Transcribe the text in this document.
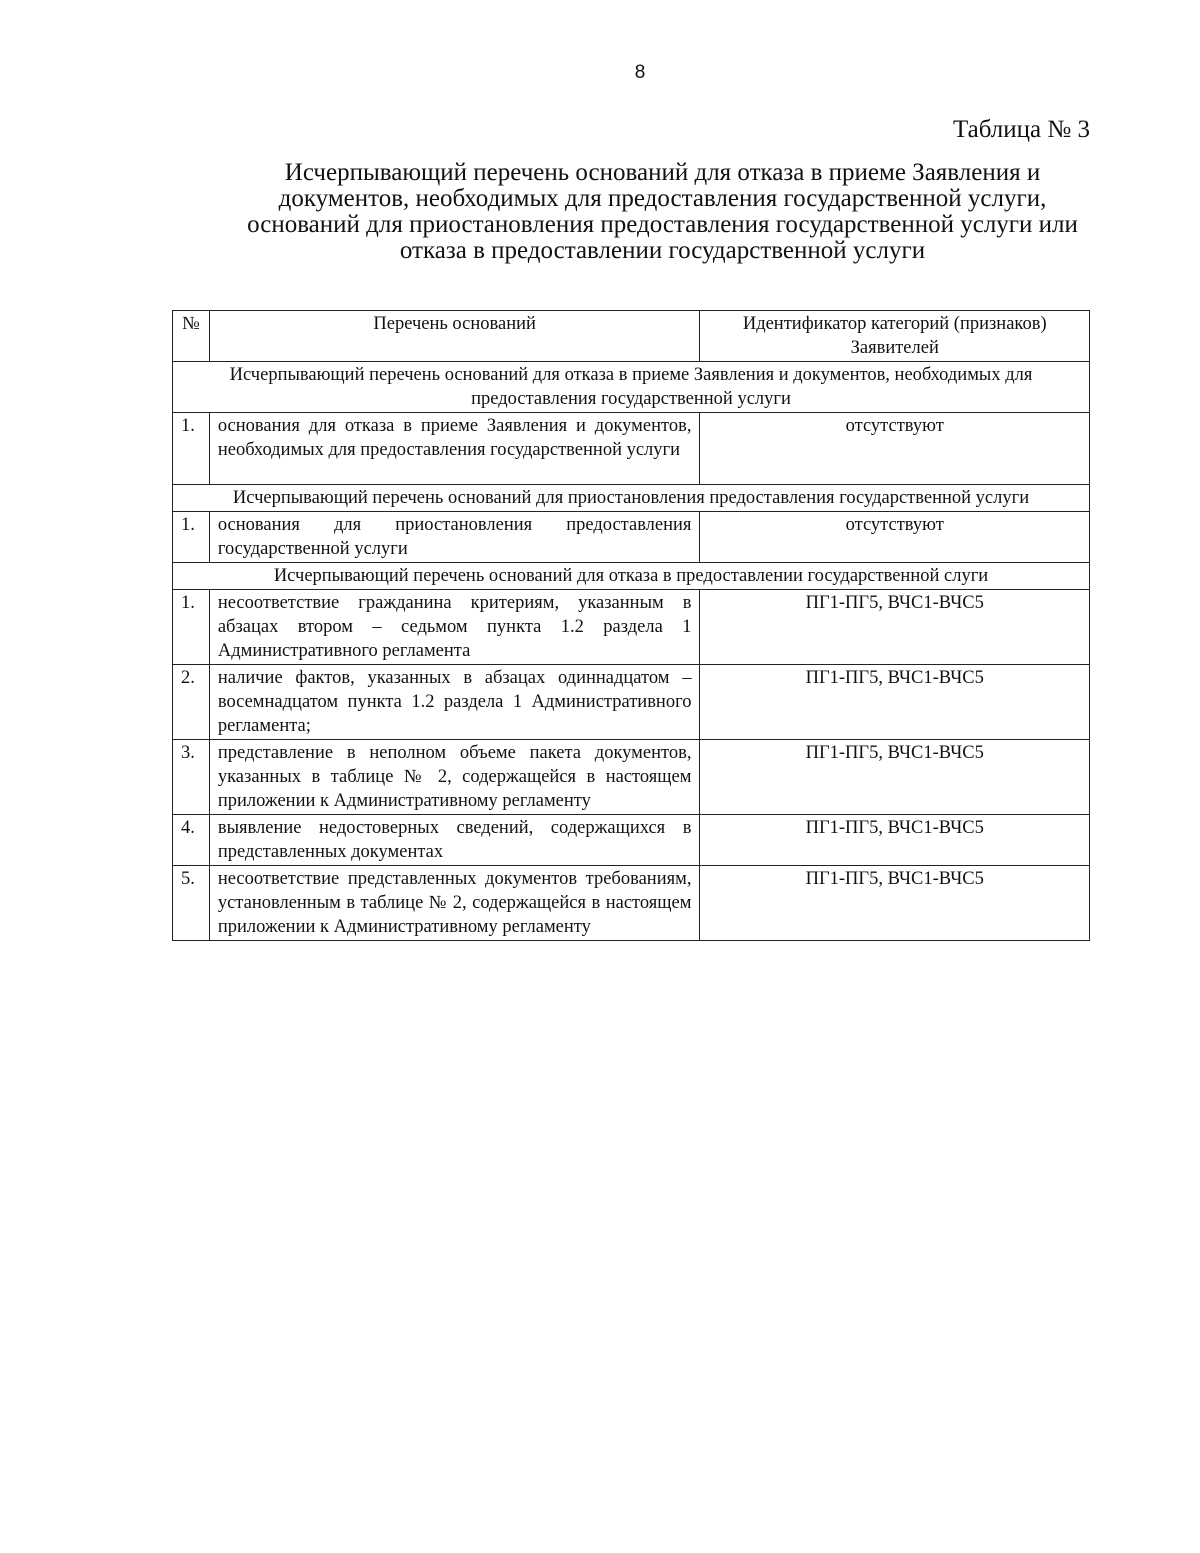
8
Таблица № 3
Исчерпывающий перечень оснований для отказа в приеме Заявления и документов, необходимых для предоставления государственной услуги, оснований для приостановления предоставления государственной услуги или отказа в предоставлении государственной услуги
№	Перечень оснований	Идентификатор категорий (признаков) Заявителей
Исчерпывающий перечень оснований для отказа в приеме Заявления и документов, необходимых для предоставления государственной услуги		
1.	основания для отказа в приеме Заявления и документов, необходимых для предоставления государственной услуги	отсутствуют
Исчерпывающий перечень оснований для приостановления предоставления государственной услуги		
1.	основания для приостановления предоставления государственной услуги	отсутствуют
Исчерпывающий перечень оснований для отказа в предоставлении государственной слуги		
1.	несоответствие гражданина критериям, указанным в абзацах втором – седьмом пункта 1.2 раздела 1 Административного регламента	ПГ1-ПГ5, ВЧС1-ВЧС5
2.	наличие фактов, указанных в абзацах одиннадцатом – восемнадцатом пункта 1.2 раздела 1 Административного регламента;	ПГ1-ПГ5, ВЧС1-ВЧС5
3.	представление в неполном объеме пакета документов, указанных в таблице № 2, содержащейся в настоящем приложении к Административному регламенту	ПГ1-ПГ5, ВЧС1-ВЧС5
4.	выявление недостоверных сведений, содержащихся в представленных документах	ПГ1-ПГ5, ВЧС1-ВЧС5
5.	несоответствие представленных документов требованиям, установленным в таблице № 2, содержащейся в настоящем приложении к Административному регламенту	ПГ1-ПГ5, ВЧС1-ВЧС5
